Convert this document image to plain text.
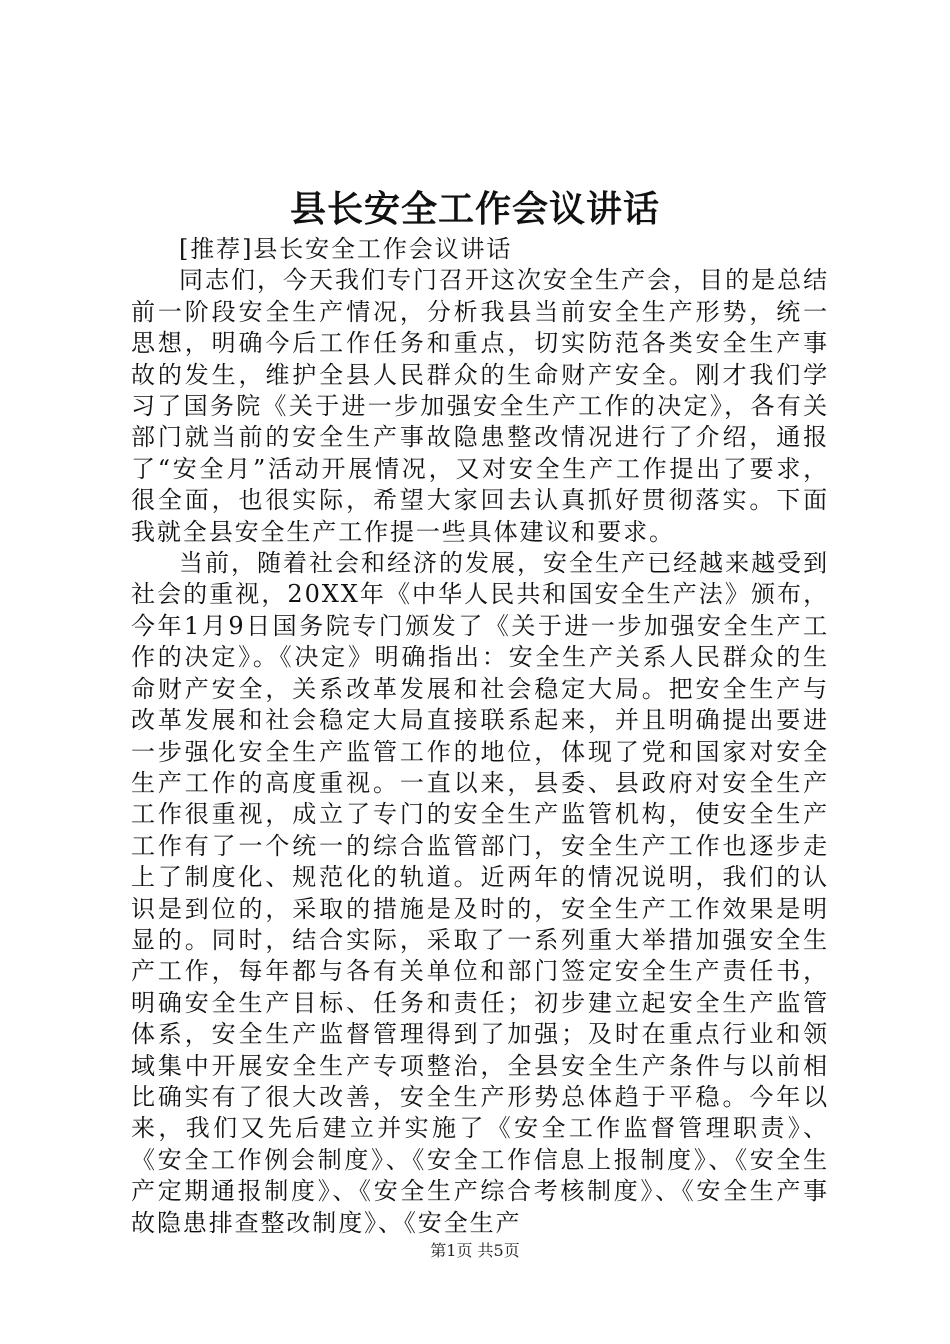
县长安全工作会议讲话

[推荐]县长安全工作会议讲话

同志们，今天我们专门召开这次安全生产会，目的是总结前一阶段安全生产情况，分析我县当前安全生产形势，统一思想，明确今后工作任务和重点，切实防范各类安全生产事故的发生，维护全县人民群众的生命财产安全。刚才我们学习了国务院《关于进一步加强安全生产工作的决定》，各有关部门就当前的安全生产事故隐患整改情况进行了介绍，通报了“安全月”活动开展情况，又对安全生产工作提出了要求，很全面，也很实际，希望大家回去认真抓好贯彻落实。下面我就全县安全生产工作提一些具体建议和要求。

当前，随着社会和经济的发展，安全生产已经越来越受到社会的重视，20XX年《中华人民共和国安全生产法》颁布，今年1月9日国务院专门颁发了《关于进一步加强安全生产工作的决定》。《决定》明确指出：安全生产关系人民群众的生命财产安全，关系改革发展和社会稳定大局。把安全生产与改革发展和社会稳定大局直接联系起来，并且明确提出要进一步强化安全生产监管工作的地位，体现了党和国家对安全生产工作的高度重视。一直以来，县委、县政府对安全生产工作很重视，成立了专门的安全生产监管机构，使安全生产工作有了一个统一的综合监管部门，安全生产工作也逐步走上了制度化、规范化的轨道。近两年的情况说明，我们的认识是到位的，采取的措施是及时的，安全生产工作效果是明显的。同时，结合实际，采取了一系列重大举措加强安全生产工作，每年都与各有关单位和部门签定安全生产责任书，明确安全生产目标、任务和责任；初步建立起安全生产监管体系，安全生产监督管理得到了加强；及时在重点行业和领域集中开展安全生产专项整治，全县安全生产条件与以前相比确实有了很大改善，安全生产形势总体趋于平稳。今年以来，我们又先后建立并实施了《安全工作监督管理职责》、《安全工作例会制度》、《安全工作信息上报制度》、《安全生产定期通报制度》、《安全生产综合考核制度》、《安全生产事故隐患排查整改制度》、《安全生产

第1页 共5页
